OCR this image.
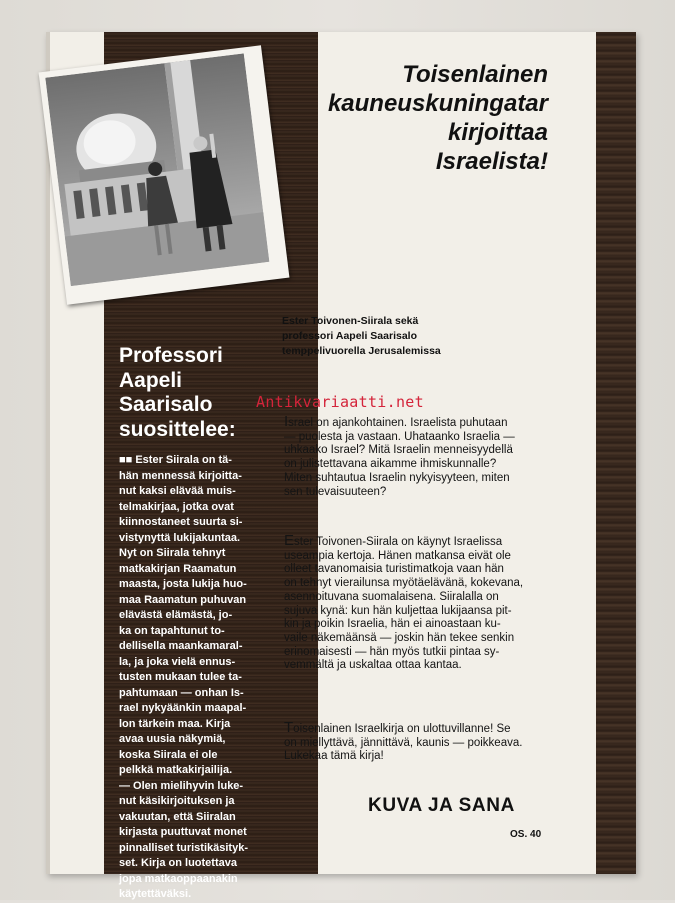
Toisenlainen
kauneuskuningatar
kirjoittaa
Israelista!
Ester Toivonen-Siirala sekä
professori Aapeli Saarisalo
temppelivuorella Jerusalemissa
Professori
Aapeli
Saarisalo
suosittelee:
■■ Ester Siirala on tä-
hän mennessä kirjoitta-
nut kaksi elävää muis-
telmakirjaa, jotka ovat
kiinnostaneet suurta si-
vistynyttä lukijakuntaa.
Nyt on Siirala tehnyt
matkakirjan Raamatun
maasta, josta lukija huo-
maa Raamatun puhuvan
elävästä elämästä, jo-
ka on tapahtunut to-
dellisella maankamaral-
la, ja joka vielä ennus-
tusten mukaan tulee ta-
pahtumaan — onhan Is-
rael nykyäänkin maapal-
lon tärkein maa. Kirja
avaa uusia näkymiä,
koska Siirala ei ole
pelkkä matkakirjailija.
— Olen mielihyvin luke-
nut käsikirjoituksen ja
vakuutan, että Siiralan
kirjasta puuttuvat monet
pinnalliset turistikäsityk-
set. Kirja on luotettava
jopa matkaoppaanakin
käytettäväksi.
Israel on ajankohtainen. Israelista puhutaan
— puolesta ja vastaan. Uhataanko Israelia —
uhkaako Israel? Mitä Israelin menneisyydellä
on julistettavana aikamme ihmiskunnalle?
Miten suhtautua Israelin nykyisyyteen, miten
sen tulevaisuuteen?
Ester Toivonen-Siirala on käynyt Israelissa
useampia kertoja. Hänen matkansa eivät ole
olleet tavanomaisia turistimatkoja vaan hän
on tehnyt vierailunsa myötäelävänä, kokevana,
asennoituvana suomalaisena. Siiralalla on
sujuva kynä: kun hän kuljettaa lukijaansa pit-
kin ja poikin Israelia, hän ei ainoastaan ku-
vaile näkemäänsä — joskin hän tekee senkin
erinomaisesti — hän myös tutkii pintaa sy-
vemmältä ja uskaltaa ottaa kantaa.
Toisenlainen Israelkirja on ulottuvillanne! Se
on miellyttävä, jännittävä, kaunis — poikkeava.
Lukekaa tämä kirja!
Antikvariaatti.net
KUVA JA SANA
OS. 40
